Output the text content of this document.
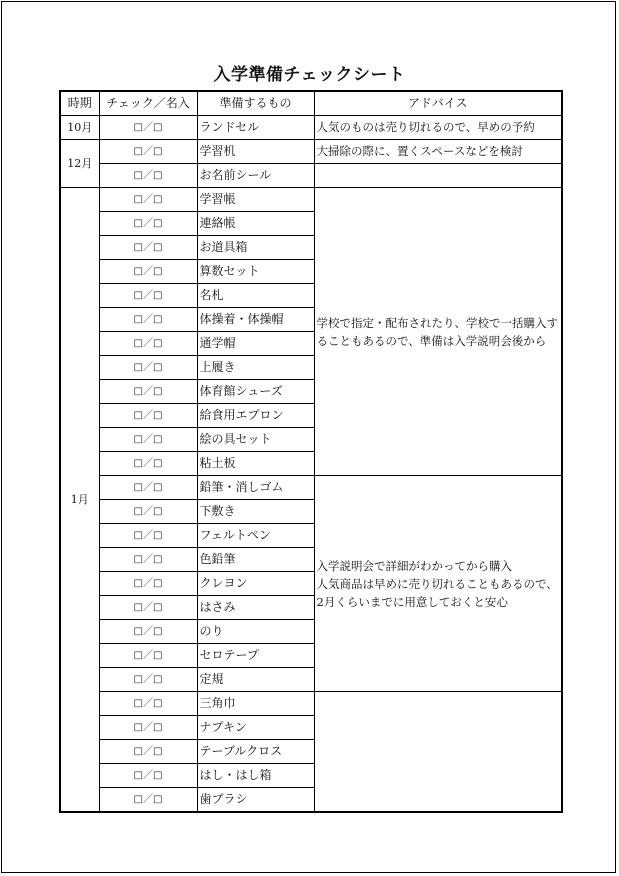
入学準備チェックシート
時期	チェック／名入	準備するもの	アドバイス
10月	□／□	ランドセル	人気のものは売り切れるので、早めの予約
12月	□／□	学習机	大掃除の際に、置くスペースなどを検討
	□／□	お名前シール	
1月	□／□	学習帳	学校で指定・配布されたり、学校で一括購入することもあるので、準備は入学説明会後から
	□／□	連絡帳	
	□／□	お道具箱	
	□／□	算数セット	
	□／□	名札	
	□／□	体操着・体操帽	
	□／□	通学帽	
	□／□	上履き	
	□／□	体育館シューズ	
	□／□	給食用エプロン	
	□／□	絵の具セット	
	□／□	粘土板	
	□／□	鉛筆・消しゴム	入学説明会で詳細がわかってから購入
人気商品は早めに売り切れることもあるので、2月くらいまでに用意しておくと安心

	□／□	下敷き	
	□／□	フェルトペン	
	□／□	色鉛筆	
	□／□	クレヨン	
	□／□	はさみ	
	□／□	のり	
	□／□	セロテープ	
	□／□	定規	
	□／□	三角巾	
	□／□	ナプキン	
	□／□	テーブルクロス	
	□／□	はし・はし箱	
	□／□	歯ブラシ	
